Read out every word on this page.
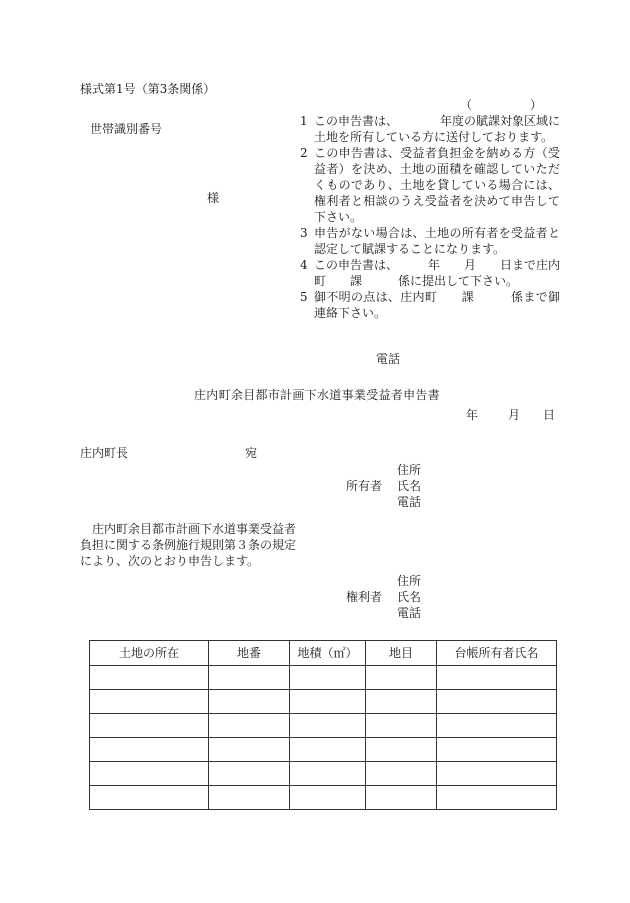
様式第1号（第3条関係）
（	）
世帯識別番号
様
1 この申告書は、　　　　年度の賦課対象区域に土地を所有している方に送付しております。
2 この申告書は、受益者負担金を納める方（受益者）を決め、土地の面積を確認していただくものであり、土地を貸している場合には、権利者と相談のうえ受益者を決めて申告して下さい。
3 申告がない場合は、土地の所有者を受益者と認定して賦課することになります。
4 この申告書は、　　　年　　月　　日まで庄内町　　課　　　係に提出して下さい。
5 御不明の点は、庄内町　　課　　　係まで御連絡下さい。
電話
庄内町余目都市計画下水道事業受益者申告書
年 月 日
庄内町長	宛
所有者
住所
氏名
電話
　庄内町余目都市計画下水道事業受益者
負担に関する条例施行規則第３条の規定
により、次のとおり申告します。
権利者
住所
氏名
電話
土地の所在	地番	地積（㎡）	地目	台帳所有者氏名
